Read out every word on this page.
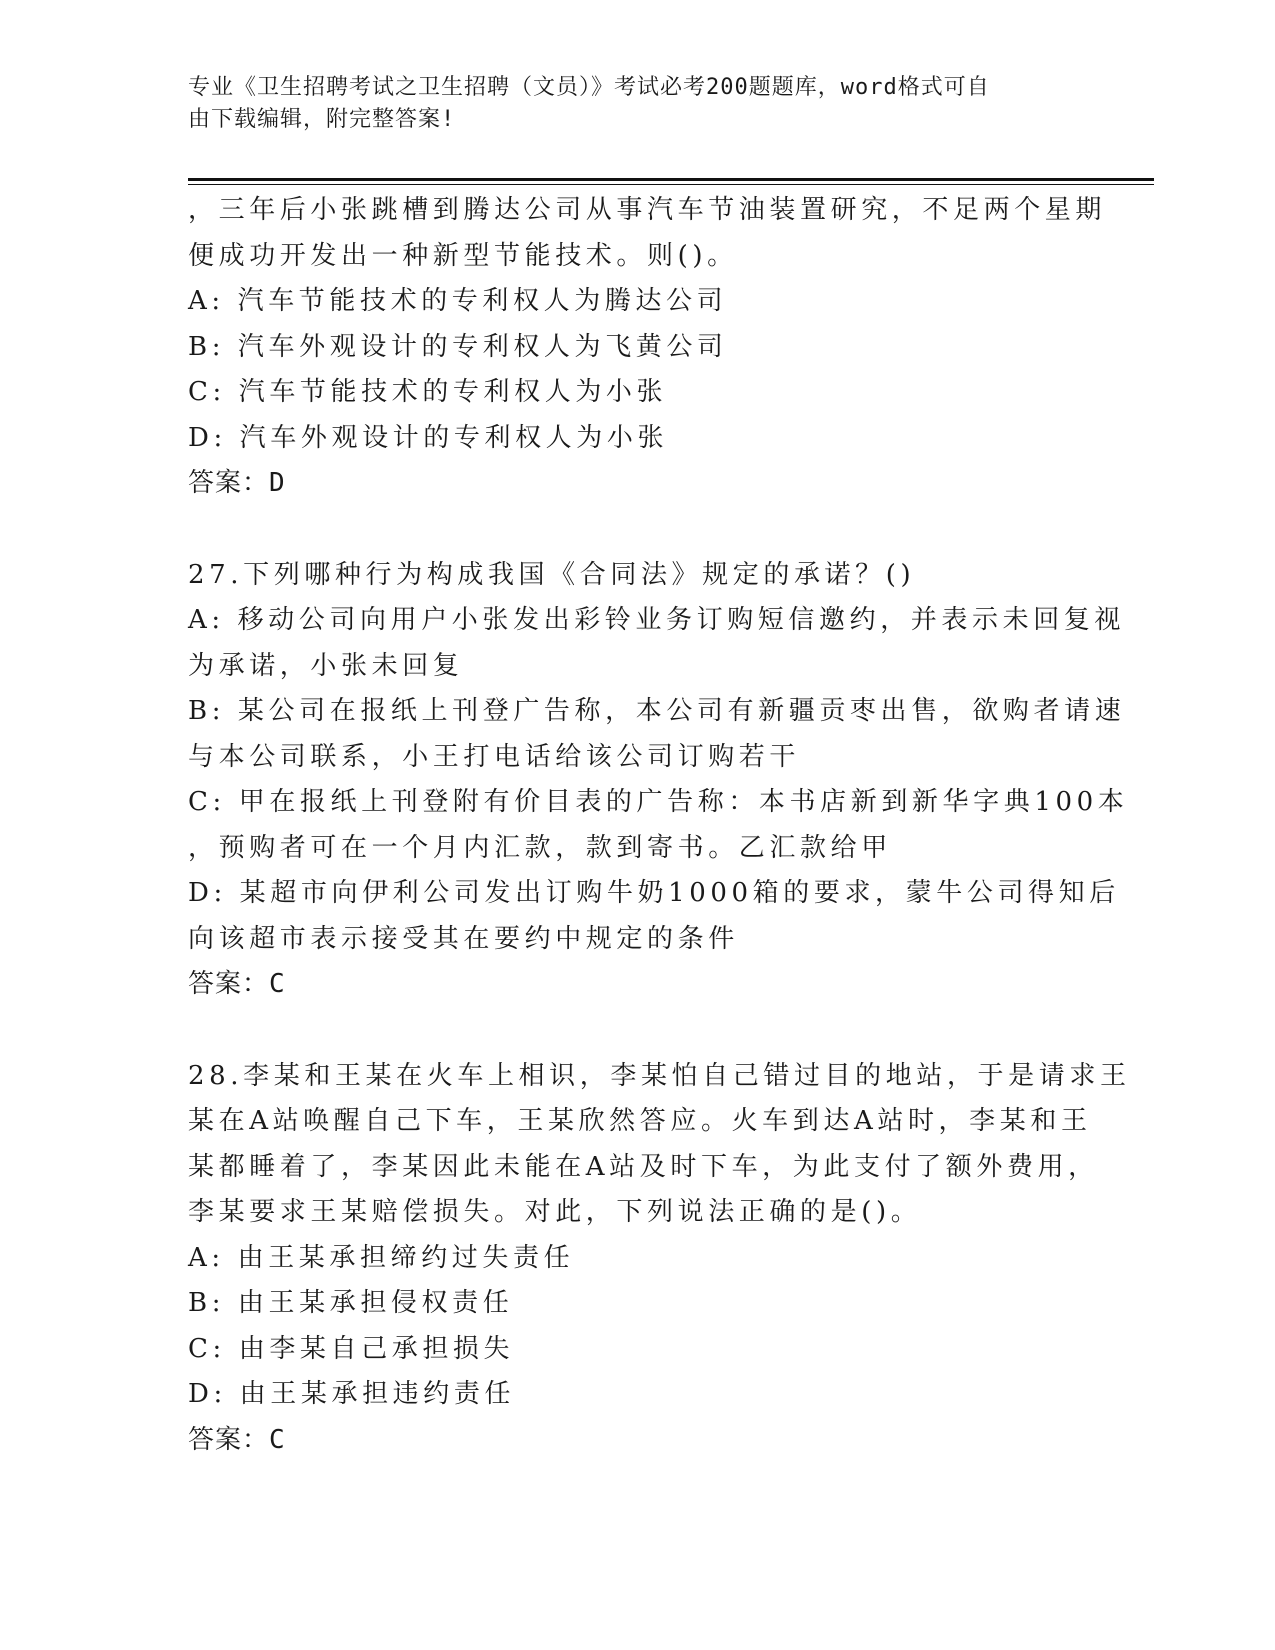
专业《卫生招聘考试之卫生招聘（文员）》考试必考200题题库，word格式可自
由下载编辑，附完整答案!
，三年后小张跳槽到腾达公司从事汽车节油装置研究，不足两个星期
便成功开发出一种新型节能技术。则()。
A: 汽车节能技术的专利权人为腾达公司
B: 汽车外观设计的专利权人为飞黄公司
C: 汽车节能技术的专利权人为小张
D: 汽车外观设计的专利权人为小张
答案：D
27.下列哪种行为构成我国《合同法》规定的承诺？()
A: 移动公司向用户小张发出彩铃业务订购短信邀约，并表示未回复视
为承诺，小张未回复
B: 某公司在报纸上刊登广告称，本公司有新疆贡枣出售，欲购者请速
与本公司联系，小王打电话给该公司订购若干
C: 甲在报纸上刊登附有价目表的广告称：本书店新到新华字典100本
，预购者可在一个月内汇款，款到寄书。乙汇款给甲
D: 某超市向伊利公司发出订购牛奶1000箱的要求，蒙牛公司得知后
向该超市表示接受其在要约中规定的条件
答案：C
28.李某和王某在火车上相识，李某怕自己错过目的地站，于是请求王
某在A站唤醒自己下车，王某欣然答应。火车到达A站时，李某和王
某都睡着了，李某因此未能在A站及时下车，为此支付了额外费用，
李某要求王某赔偿损失。对此，下列说法正确的是()。
A: 由王某承担缔约过失责任
B: 由王某承担侵权责任
C: 由李某自己承担损失
D: 由王某承担违约责任
答案：C
